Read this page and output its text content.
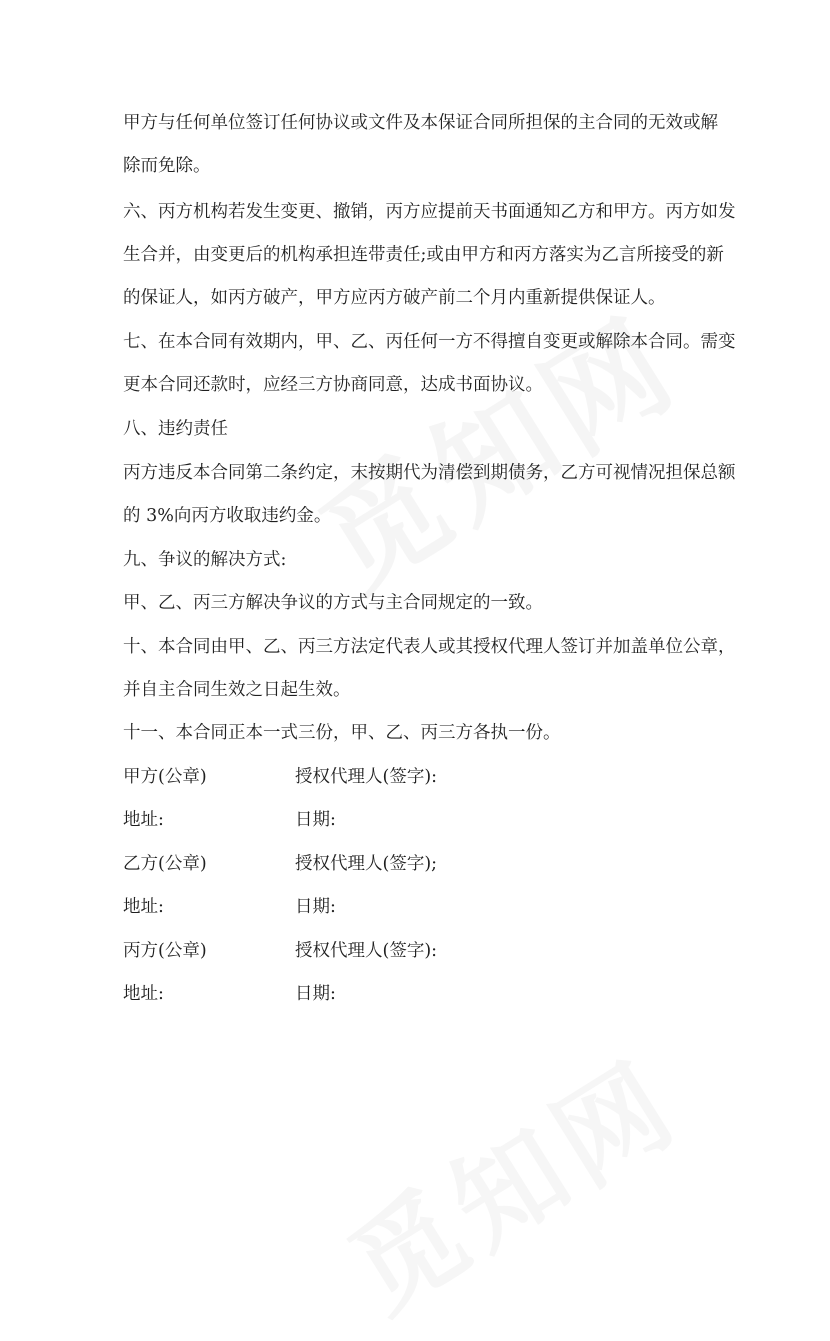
甲方与任何单位签订任何协议或文件及本保证合同所担保的主合同的无效或解
除而免除。
六、丙方机构若发生变更、撤销，丙方应提前天书面通知乙方和甲方。丙方如发
生合并，由变更后的机构承担连带责任;或由甲方和丙方落实为乙言所接受的新
的保证人，如丙方破产，甲方应丙方破产前二个月内重新提供保证人。
七、在本合同有效期内，甲、乙、丙任何一方不得擅自变更或解除本合同。需变
更本合同还款时，应经三方协商同意，达成书面协议。
八、违约责任
丙方违反本合同第二条约定，末按期代为清偿到期债务，乙方可视情况担保总额
的 3%向丙方收取违约金。
九、争议的解决方式:
甲、乙、丙三方解决争议的方式与主合同规定的一致。
十、本合同由甲、乙、丙三方法定代表人或其授权代理人签订并加盖单位公章，
并自主合同生效之日起生效。
十一、本合同正本一式三份，甲、乙、丙三方各执一份。
甲方(公章)	授权代理人(签字):
地址:	日期:
乙方(公章)	授权代理人(签字);
地址:	日期:
丙方(公章)	授权代理人(签字):
地址:	日期:
